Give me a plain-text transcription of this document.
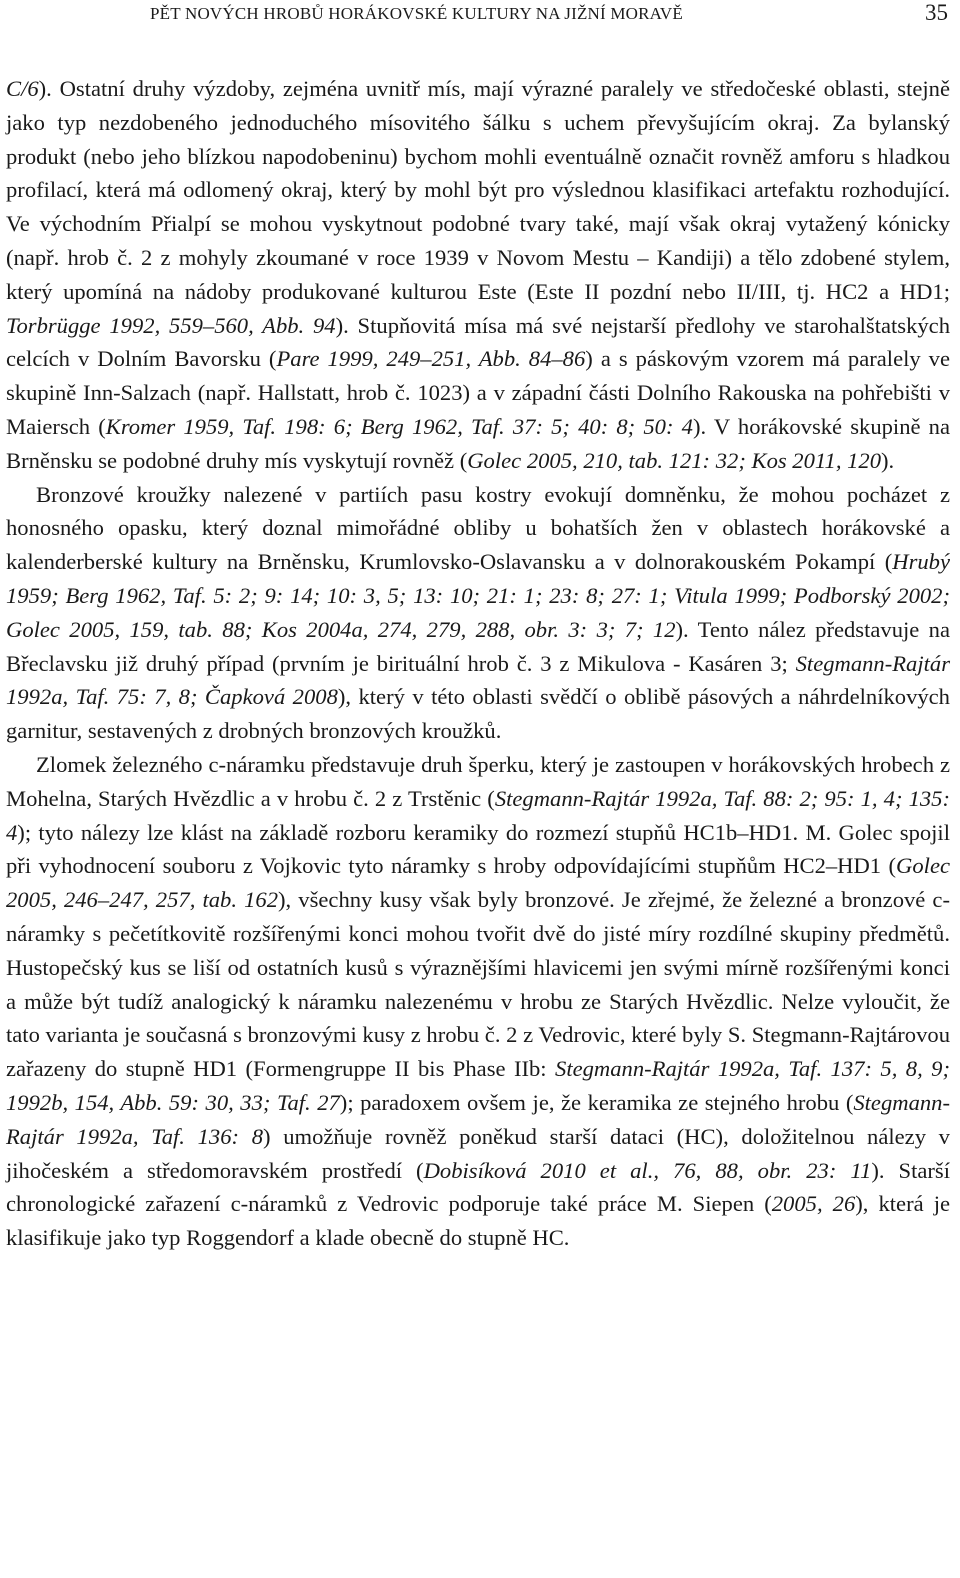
PĚT NOVÝCH HROBŮ HORÁKOVSKÉ KULTURY NA JIŽNÍ MORAVĚ	35

C/6). Ostatní druhy výzdoby, zejména uvnitř mís, mají výrazné paralely ve středočeské oblasti, stejně jako typ nezdobeného jednoduchého mísovitého šálku s uchem převyšujícím okraj. Za bylanský produkt (nebo jeho blízkou napodobeninu) bychom mohli eventuálně označit rovněž amforu s hladkou profilací, která má odlomený okraj, který by mohl být pro výslednou klasifikaci artefaktu rozhodující. Ve východním Přialpí se mohou vyskytnout podobné tvary také, mají však okraj vytažený kónicky (např. hrob č. 2 z mohyly zkoumané v roce 1939 v Novom Mestu – Kandiji) a tělo zdobené stylem, který upomíná na nádoby produkované kulturou Este (Este II pozdní nebo II/III, tj. HC2 a HD1; Torbrügge 1992, 559–560, Abb. 94). Stupňovitá mísa má své nejstarší předlohy ve starohalštatských celcích v Dolním Bavorsku (Pare 1999, 249–251, Abb. 84–86) a s páskovým vzorem má paralely ve skupině Inn-Salzach (např. Hallstatt, hrob č. 1023) a v západní části Dolního Rakouska na pohřebišti v Maiersch (Kromer 1959, Taf. 198: 6; Berg 1962, Taf. 37: 5; 40: 8; 50: 4). V horákovské skupině na Brněnsku se podobné druhy mís vyskytují rovněž (Golec 2005, 210, tab. 121: 32; Kos 2011, 120).

Bronzové kroužky nalezené v partiích pasu kostry evokují domněnku, že mohou pocházet z honosného opasku, který doznal mimořádné obliby u bohatších žen v oblastech horákovské a kalenderberské kultury na Brněnsku, Krumlovsko-Oslavansku a v dolnorakouském Pokampí (Hrubý 1959; Berg 1962, Taf. 5: 2; 9: 14; 10: 3, 5; 13: 10; 21: 1; 23: 8; 27: 1; Vitula 1999; Podborský 2002; Golec 2005, 159, tab. 88; Kos 2004a, 274, 279, 288, obr. 3: 3; 7; 12). Tento nález představuje na Břeclavsku již druhý případ (prvním je birituální hrob č. 3 z Mikulova - Kasáren 3; Stegmann-Rajtár 1992a, Taf. 75: 7, 8; Čapková 2008), který v této oblasti svědčí o oblibě pásových a náhrdelníkových garnitur, sestavených z drobných bronzových kroužků.

Zlomek železného c-náramku představuje druh šperku, který je zastoupen v horákovských hrobech z Mohelna, Starých Hvězdlic a v hrobu č. 2 z Trstěnic (Stegmann-Rajtár 1992a, Taf. 88: 2; 95: 1, 4; 135: 4); tyto nálezy lze klást na základě rozboru keramiky do rozmezí stupňů HC1b–HD1. M. Golec spojil při vyhodnocení souboru z Vojkovic tyto náramky s hroby odpovídajícími stupňům HC2–HD1 (Golec 2005, 246–247, 257, tab. 162), všechny kusy však byly bronzové. Je zřejmé, že železné a bronzové c-náramky s pečetítkovitě rozšířenými konci mohou tvořit dvě do jisté míry rozdílné skupiny předmětů. Hustopečský kus se liší od ostatních kusů s výraznějšími hlavicemi jen svými mírně rozšířenými konci a může být tudíž analogický k náramku nalezenému v hrobu ze Starých Hvězdlic. Nelze vyloučit, že tato varianta je současná s bronzovými kusy z hrobu č. 2 z Vedrovic, které byly S. Stegmann-Rajtárovou zařazeny do stupně HD1 (Formengruppe II bis Phase IIb: Stegmann-Rajtár 1992a, Taf. 137: 5, 8, 9; 1992b, 154, Abb. 59: 30, 33; Taf. 27); paradoxem ovšem je, že keramika ze stejného hrobu (Stegmann-Rajtár 1992a, Taf. 136: 8) umožňuje rovněž poněkud starší dataci (HC), doložitelnou nálezy v jihočeském a středomoravském prostředí (Dobisíková 2010 et al., 76, 88, obr. 23: 11). Starší chronologické zařazení c-náramků z Vedrovic podporuje také práce M. Siepen (2005, 26), která je klasifikuje jako typ Roggendorf a klade obecně do stupně HC.
